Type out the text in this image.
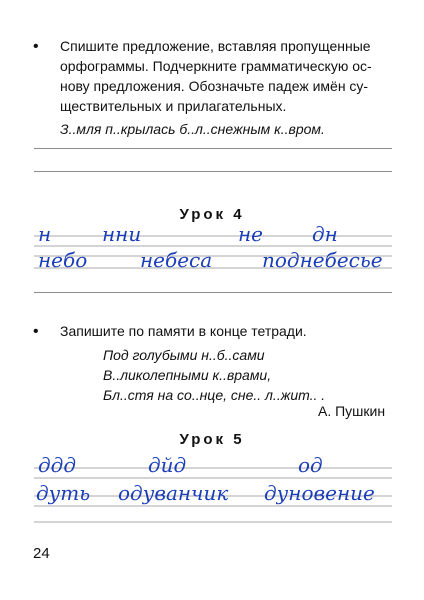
• Спишите предложение, вставляя пропущенные
орфограммы. Подчеркните грамматическую ос-
нову предложения. Обозначьте падеж имён су-
ществительных и прилагательных.
З..мля п..крылась б..л..снежным к..вром.
Урок 4
н	нни	не дн
небо	небеса поднебесье
• Запишите по памяти в конце тетради.
Под голубыми н..б..сами
В..ликолепными к..врами,
Бл..стя на со..нце, сне.. л..жит.. .
А. Пушкин
Урок 5
ддд	дйд	од
дуть одуванчик дуновение
24
